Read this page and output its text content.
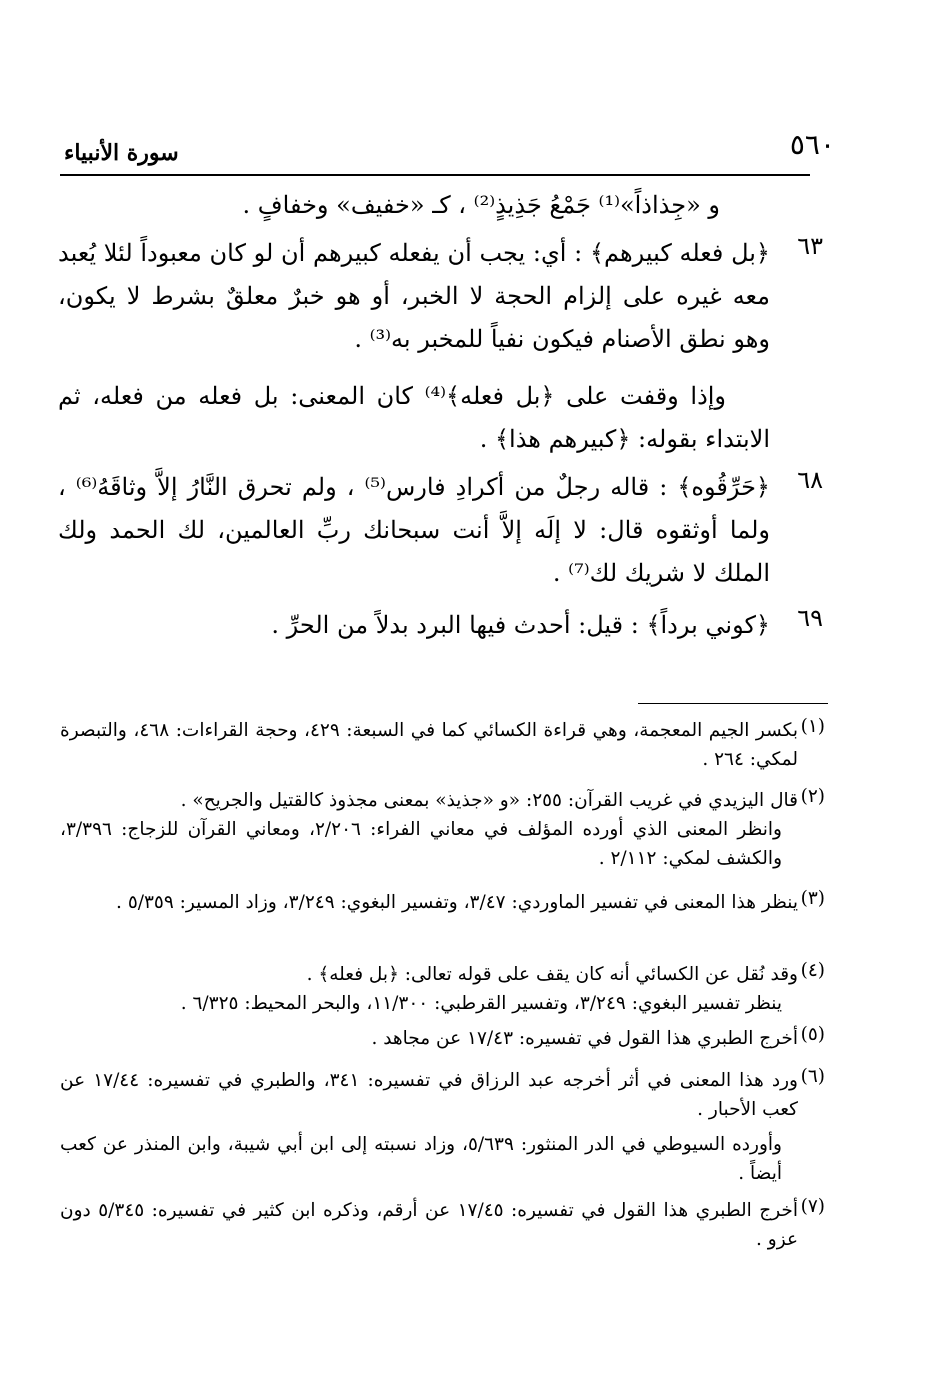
٥٦٠
سورة الأنبياء
و «جِذاذاً»⁽¹⁾ جَمْعُ جَذِيذٍ⁽²⁾ ، كـ «خفيف» وخفافٍ .
٦٣

﴿بل فعله كبيرهم﴾ : أي: يجب أن يفعله كبيرهم أن لو كان معبوداً لئلا يُعبد معه غيره على إلزام الحجة لا الخبر، أو هو خبرٌ معلقٌ بشرط لا يكون، وهو نطق الأصنام فيكون نفياً للمخبر به⁽³⁾ .

وإذا وقفت على ﴿بل فعله﴾⁽⁴⁾ كان المعنى: بل فعله من فعله، ثم الابتداء بقوله: ﴿كبيرهم هذا﴾ .

٦٨

﴿حَرِّقُوه﴾ : قاله رجلٌ من أكرادِ فارس⁽⁵⁾ ، ولم تحرق النَّارُ إلاَّ وثاقَهُ⁽⁶⁾ ، ولما أوثقوه قال: لا إلَه إلاَّ أنت سبحانك ربِّ العالمين، لك الحمد ولك الملك لا شريك لك⁽⁷⁾ .

٦٩

﴿كوني برداً﴾ : قيل: أحدث فيها البرد بدلاً من الحرِّ .

(١)

بكسر الجيم المعجمة، وهي قراءة الكسائي كما في السبعة: ٤٢٩، وحجة القراءات: ٤٦٨، والتبصرة لمكي: ٢٦٤ .

(٢)

قال اليزيدي في غريب القرآن: ٢٥٥: «و «جذيذ» بمعنى مجذوذ كالقتيل والجريح» .

وانظر المعنى الذي أورده المؤلف في معاني الفراء: ٢/٢٠٦، ومعاني القرآن للزجاج: ٣/٣٩٦، والكشف لمكي: ٢/١١٢ .

(٣)

ينظر هذا المعنى في تفسير الماوردي: ٣/٤٧، وتفسير البغوي: ٣/٢٤٩، وزاد المسير: ٥/٣٥٩ .

(٤)

وقد نُقل عن الكسائي أنه كان يقف على قوله تعالى: ﴿بل فعله﴾ .

ينظر تفسير البغوي: ٣/٢٤٩، وتفسير القرطبي: ١١/٣٠٠، والبحر المحيط: ٦/٣٢٥ .

(٥)

أخرج الطبري هذا القول في تفسيره: ١٧/٤٣ عن مجاهد .

(٦)

ورد هذا المعنى في أثر أخرجه عبد الرزاق في تفسيره: ٣٤١، والطبري في تفسيره: ١٧/٤٤ عن كعب الأحبار .

وأورده السيوطي في الدر المنثور: ٥/٦٣٩، وزاد نسبته إلى ابن أبي شيبة، وابن المنذر عن كعب أيضاً .

(٧)

أخرج الطبري هذا القول في تفسيره: ١٧/٤٥ عن أرقم، وذكره ابن كثير في تفسيره: ٥/٣٤٥ دون عزو .
